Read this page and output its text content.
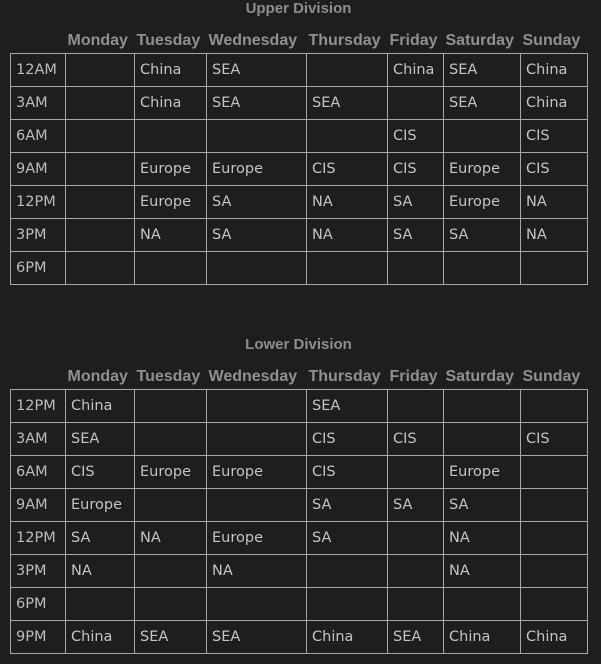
Upper Division
	Monday	Tuesday	Wednesday	Thursday	Friday	Saturday	Sunday
12AM		China	SEA		China	SEA	China
3AM		China	SEA	SEA		SEA	China
6AM					CIS		CIS
9AM		Europe	Europe	CIS	CIS	Europe	CIS
12PM		Europe	SA	NA	SA	Europe	NA
3PM		NA	SA	NA	SA	SA	NA
6PM							
Lower Division
	Monday	Tuesday	Wednesday	Thursday	Friday	Saturday	Sunday
12PM	China			SEA			
3AM	SEA			CIS	CIS		CIS
6AM	CIS	Europe	Europe	CIS		Europe	
9AM	Europe			SA	SA	SA	
12PM	SA	NA	Europe	SA		NA	
3PM	NA		NA			NA	
6PM							
9PM	China	SEA	SEA	China	SEA	China	China
